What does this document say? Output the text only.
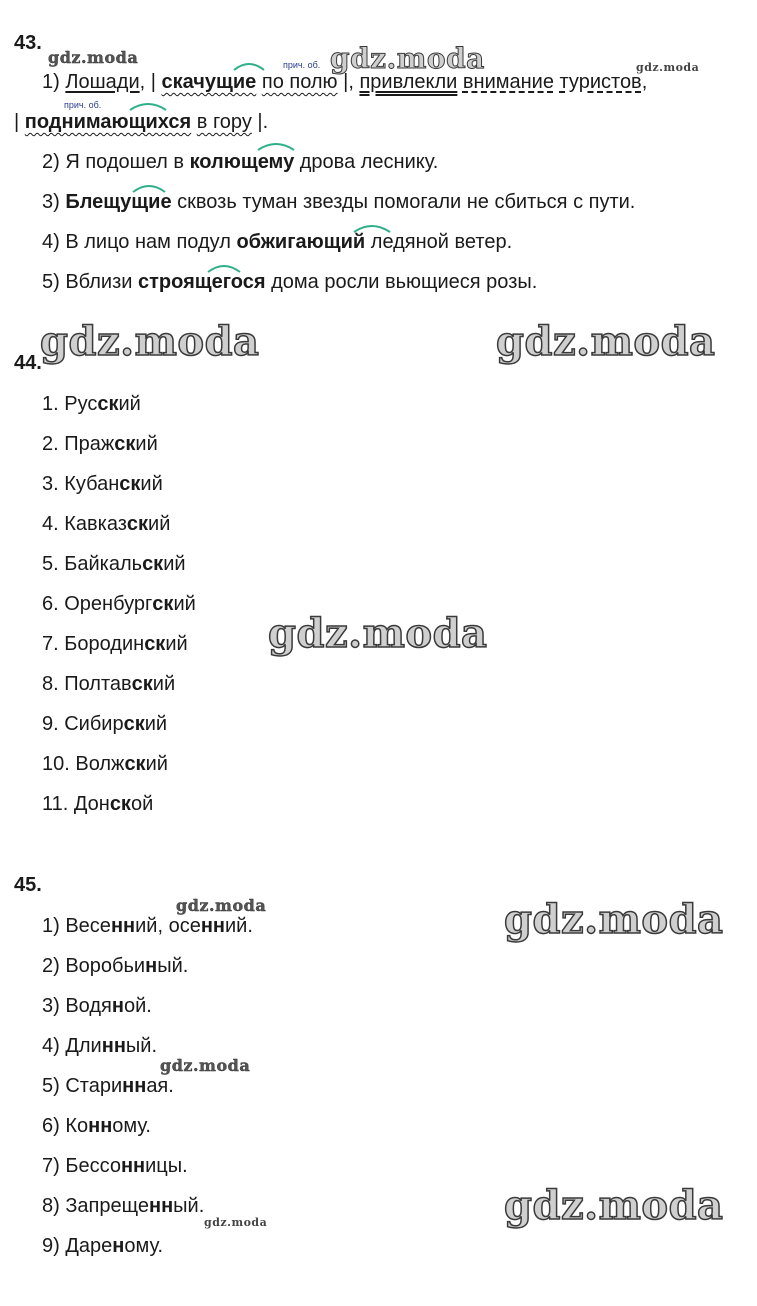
43.
gdz.moda	gdz.moda	gdz.moda
прич. об.
1) Лошади, | скачущие по полю |, привлекли внимание туристов,
прич. об.
| поднимающихся в гору |.
2) Я подошел в колющему дрова леснику.
3) Блещущие сквозь туман звезды помогали не сбиться с пути.
4) В лицо нам подул обжигающий ледяной ветер.
5) Вблизи строящегося дома росли вьющиеся розы.
gdz.moda	gdz.moda
44.
1. Русский
2. Пражский
3. Кубанский
4. Кавказский
5. Байкальский
6. Оренбургский
gdz.moda
7. Бородинский
8. Полтавский
9. Сибирский
10. Волжский
11. Донской
45.
gdz.moda	gdz.moda
1) Весенний, осенний.
2) Воробьиный.
3) Водяной.
4) Длинный.
gdz.moda
5) Старинная.
6) Конному.
7) Бессонницы.
gdz.moda
8) Запрещенный.
gdz.moda
9) Дареному.
